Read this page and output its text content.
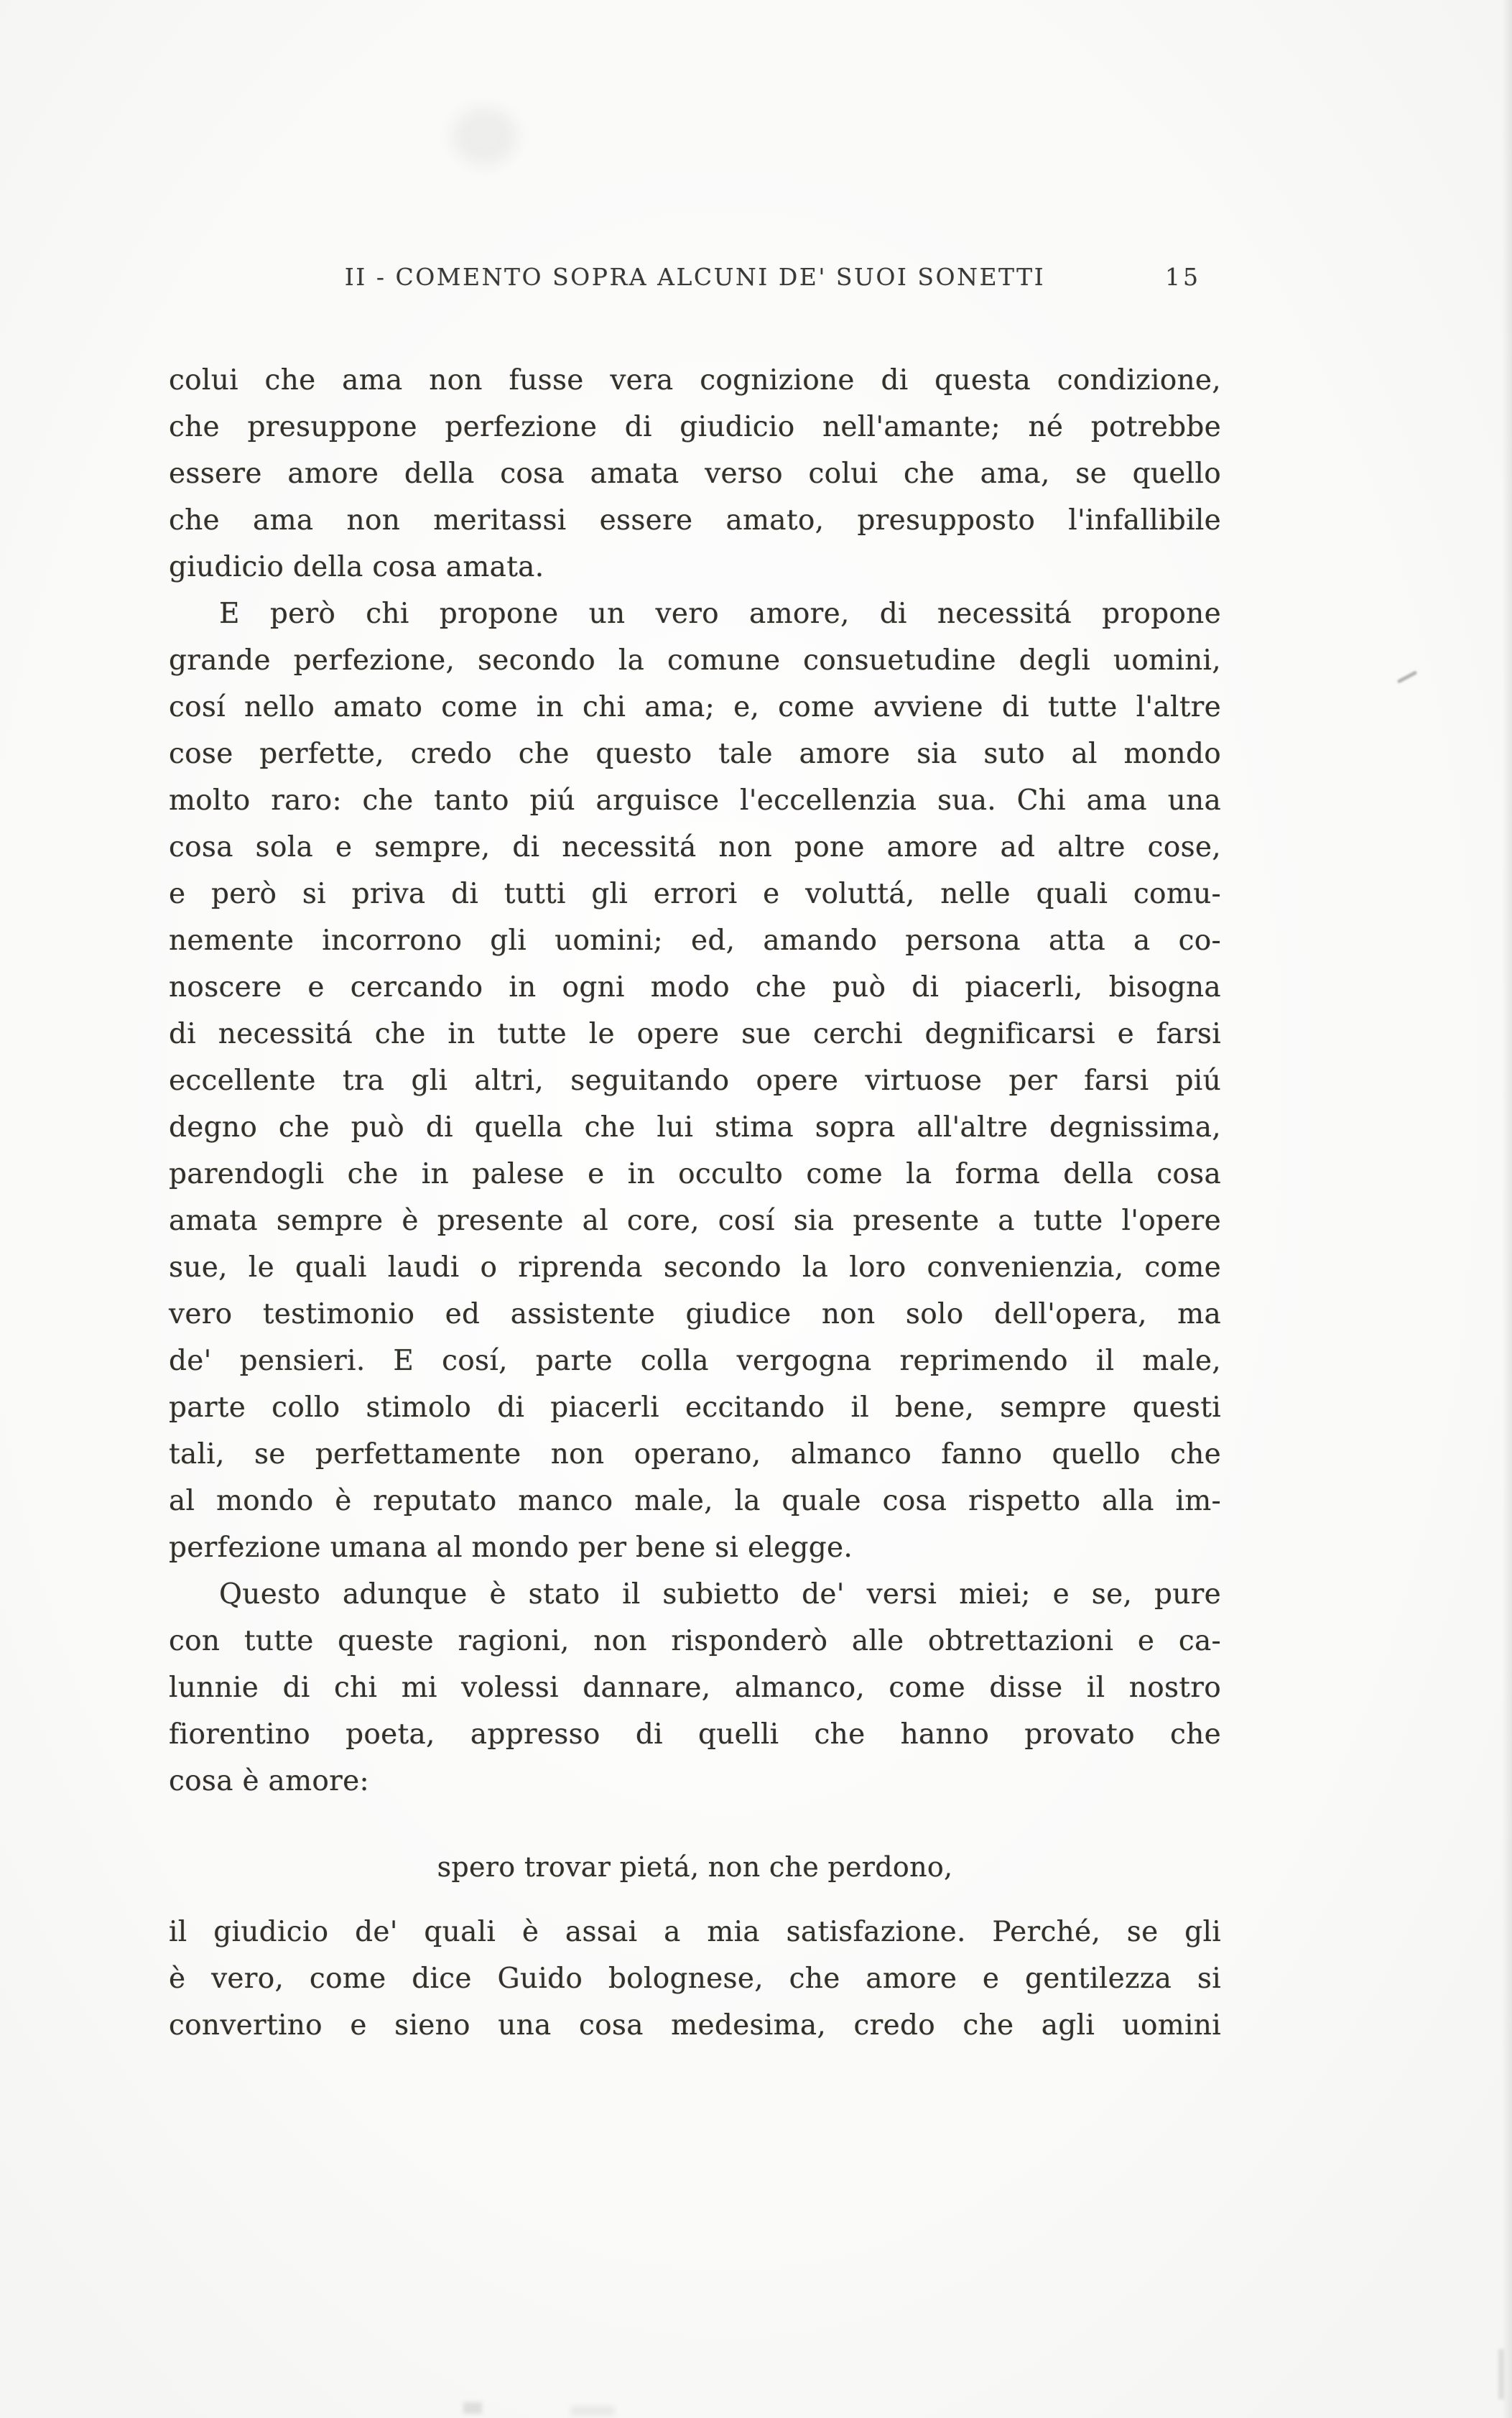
II - COMENTO SOPRA ALCUNI DE' SUOI SONETTI	15
colui che ama non fusse vera cognizione di questa condizione,
che presuppone perfezione di giudicio nell'amante; né potrebbe
essere amore della cosa amata verso colui che ama, se quello
che ama non meritassi essere amato, presupposto l'infallibile
giudicio della cosa amata.
E però chi propone un vero amore, di necessitá propone
grande perfezione, secondo la comune consuetudine degli uomini,
cosí nello amato come in chi ama; e, come avviene di tutte l'altre
cose perfette, credo che questo tale amore sia suto al mondo
molto raro: che tanto piú arguisce l'eccellenzia sua. Chi ama una
cosa sola e sempre, di necessitá non pone amore ad altre cose,
e però si priva di tutti gli errori e voluttá, nelle quali comu-
nemente incorrono gli uomini; ed, amando persona atta a co-
noscere e cercando in ogni modo che può di piacerli, bisogna
di necessitá che in tutte le opere sue cerchi degnificarsi e farsi
eccellente tra gli altri, seguitando opere virtuose per farsi piú
degno che può di quella che lui stima sopra all'altre degnissima,
parendogli che in palese e in occulto come la forma della cosa
amata sempre è presente al core, cosí sia presente a tutte l'opere
sue, le quali laudi o riprenda secondo la loro convenienzia, come
vero testimonio ed assistente giudice non solo dell'opera, ma
de' pensieri. E cosí, parte colla vergogna reprimendo il male,
parte collo stimolo di piacerli eccitando il bene, sempre questi
tali, se perfettamente non operano, almanco fanno quello che
al mondo è reputato manco male, la quale cosa rispetto alla im-
perfezione umana al mondo per bene si elegge.
Questo adunque è stato il subietto de' versi miei; e se, pure
con tutte queste ragioni, non risponderò alle obtrettazioni e ca-
lunnie di chi mi volessi dannare, almanco, come disse il nostro
fiorentino poeta, appresso di quelli che hanno provato che
cosa è amore:
spero trovar pietá, non che perdono,
il giudicio de' quali è assai a mia satisfazione. Perché, se gli
è vero, come dice Guido bolognese, che amore e gentilezza si
convertino e sieno una cosa medesima, credo che agli uomini
